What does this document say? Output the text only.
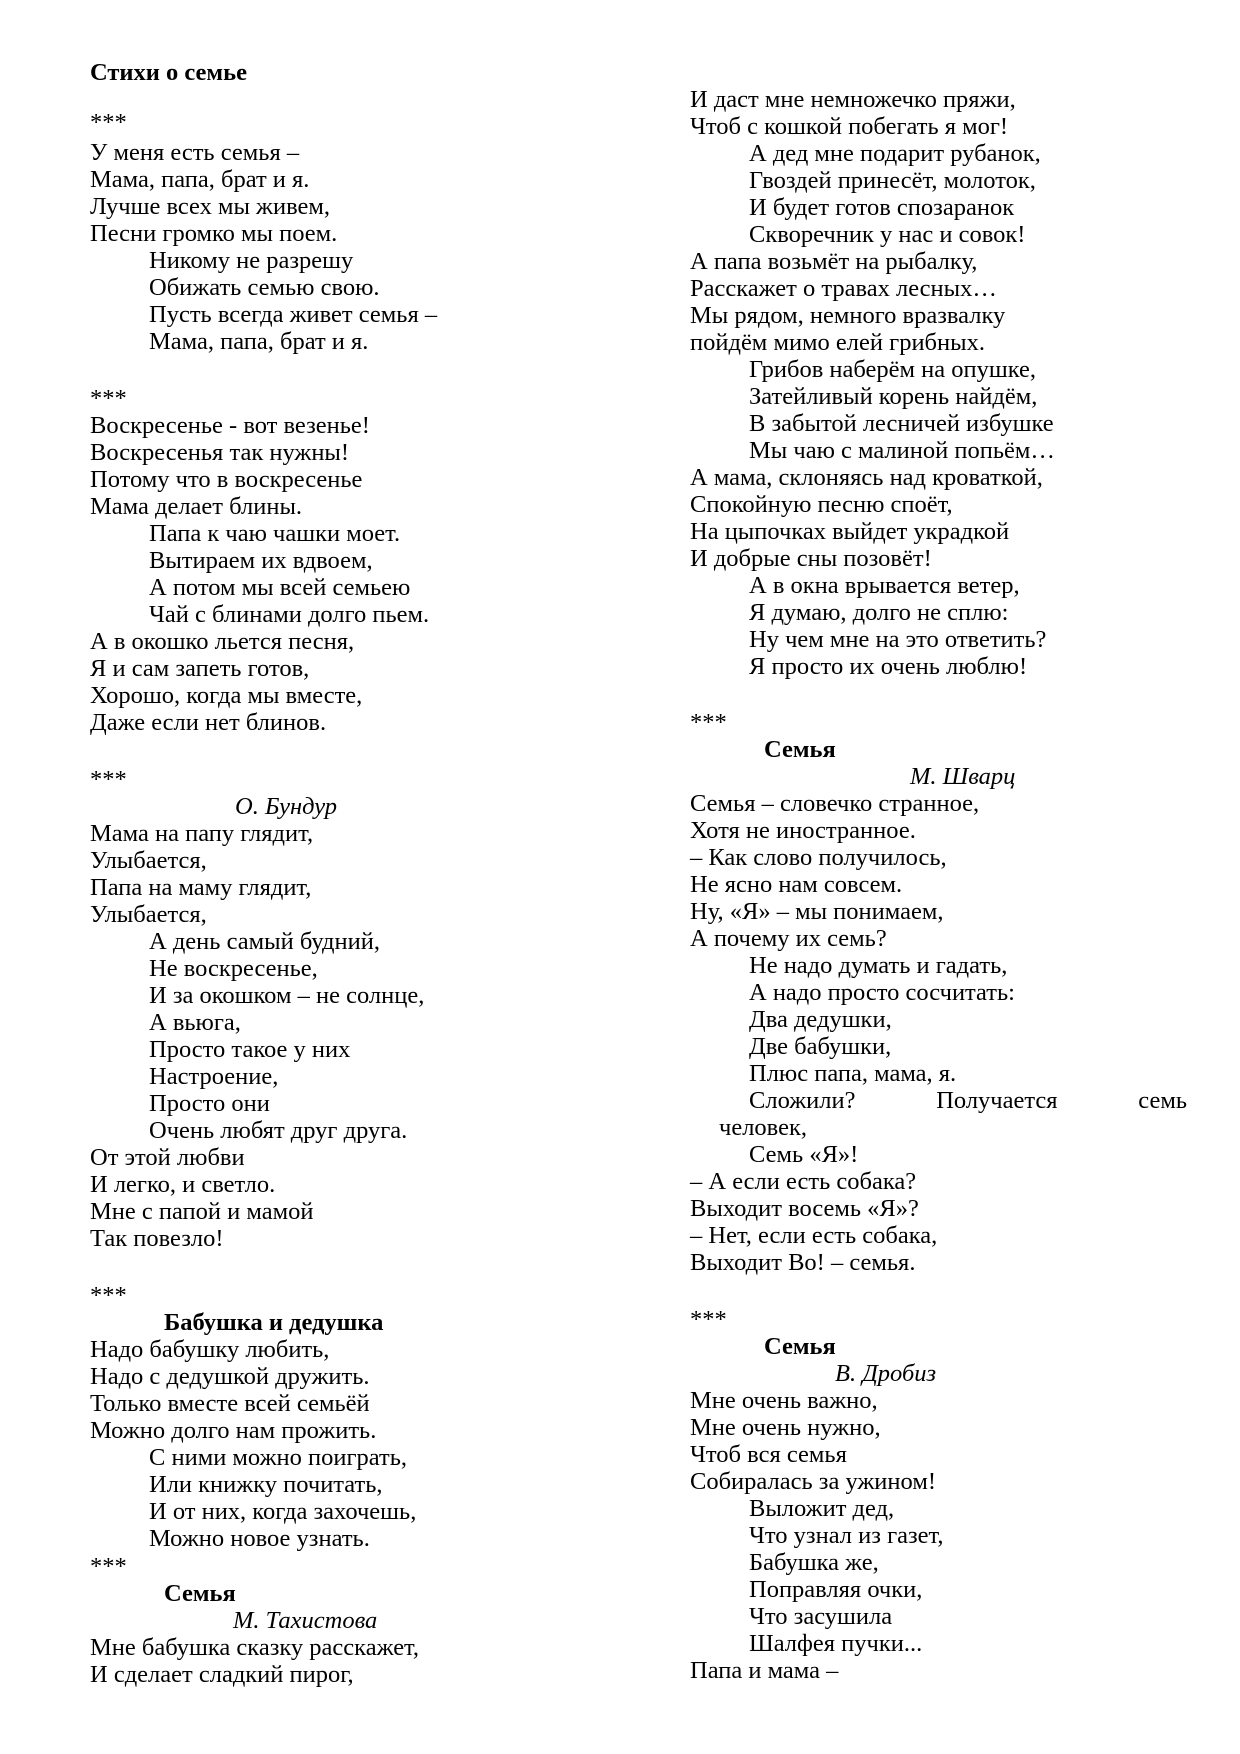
Стихи о семье
***
У меня есть семья –
Мама, папа, брат и я.
Лучше всех мы живем,
Песни громко мы поем.
Никому не разрешу
Обижать семью свою.
Пусть всегда живет семья –
Мама, папа, брат и я.
***
Воскресенье - вот везенье!
Воскресенья так нужны!
Потому что в воскресенье
Мама делает блины.
Папа к чаю чашки моет.
Вытираем их вдвоем,
А потом мы всей семьею
Чай с блинами долго пьем.
А в окошко льется песня,
Я и сам запеть готов,
Хорошо, когда мы вместе,
Даже если нет блинов.
***
О. Бундур
Мама на папу глядит,
Улыбается,
Папа на маму глядит,
Улыбается,
А день самый будний,
Не воскресенье,
И за окошком – не солнце,
А вьюга,
Просто такое у них
Настроение,
Просто они
Очень любят друг друга.
От этой любви
И легко, и светло.
Мне с папой и мамой
Так повезло!
***
Бабушка и дедушка
Надо бабушку любить,
Надо с дедушкой дружить.
Только вместе всей семьёй
Можно долго нам прожить.
С ними можно поиграть,
Или книжку почитать,
И от них, когда захочешь,
Можно новое узнать.
***
Семья
М. Тахистова
Мне бабушка сказку расскажет,
И сделает сладкий пирог,
И даст мне немножечко пряжи,
Чтоб с кошкой побегать я мог!
А дед мне подарит рубанок,
Гвоздей принесёт, молоток,
И будет готов спозаранок
Скворечник у нас и совок!
А папа возьмёт на рыбалку,
Расскажет о травах лесных…
Мы рядом, немного вразвалку
пойдём мимо елей грибных.
Грибов наберём на опушке,
Затейливый корень найдём,
В забытой лесничей избушке
Мы чаю с малиной попьём…
А мама, склоняясь над кроваткой,
Спокойную песню споёт,
На цыпочках выйдет украдкой
И добрые сны позовёт!
А в окна врывается ветер,
Я думаю, долго не сплю:
Ну чем мне на это ответить?
Я просто их очень люблю!
***
Семья
М. Шварц
Семья – словечко странное,
Хотя не иностранное.
– Как слово получилось,
Не ясно нам совсем.
Ну, «Я» – мы понимаем,
А почему их семь?
Не надо думать и гадать,
А надо просто сосчитать:
Два дедушки,
Две бабушки,
Плюс папа, мама, я.
Сложили?	Получается	семь
человек,
Семь «Я»!
– А если есть собака?
Выходит восемь «Я»?
– Нет, если есть собака,
Выходит Во! – семья.
***
Семья
В. Дробиз
Мне очень важно,
Мне очень нужно,
Чтоб вся семья
Собиралась за ужином!
Выложит дед,
Что узнал из газет,
Бабушка же,
Поправляя очки,
Что засушила
Шалфея пучки...
Папа и мама –
